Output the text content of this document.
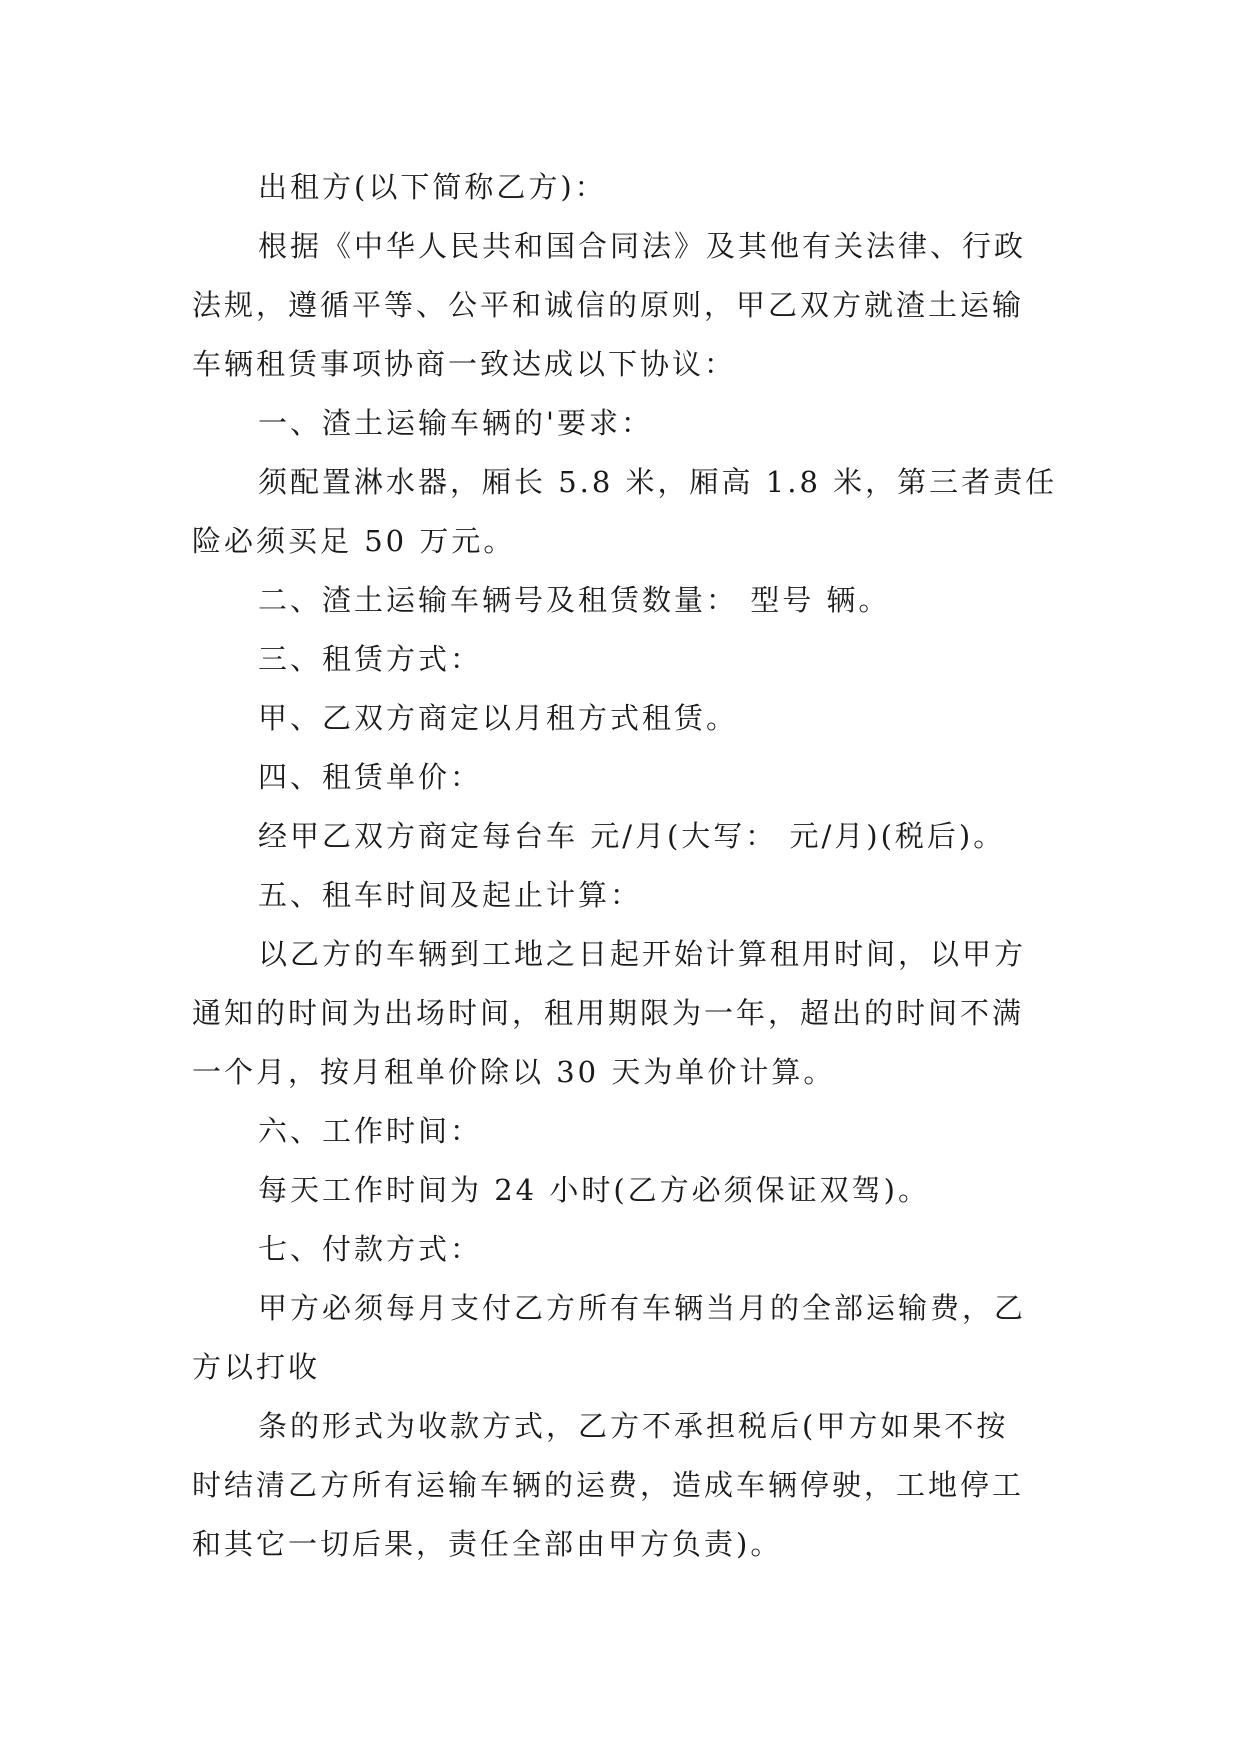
出租方(以下简称乙方)：
根据《中华人民共和国合同法》及其他有关法律、行政
法规，遵循平等、公平和诚信的原则，甲乙双方就渣土运输
车辆租赁事项协商一致达成以下协议：
一、渣土运输车辆的'要求：
须配置淋水器，厢长 5.8 米，厢高 1.8 米，第三者责任
险必须买足 50 万元。
二、渣土运输车辆号及租赁数量： 型号 辆。
三、租赁方式：
甲、乙双方商定以月租方式租赁。
四、租赁单价：
经甲乙双方商定每台车 元/月(大写： 元/月)(税后)。
五、租车时间及起止计算：
以乙方的车辆到工地之日起开始计算租用时间，以甲方
通知的时间为出场时间，租用期限为一年，超出的时间不满
一个月，按月租单价除以 30 天为单价计算。
六、工作时间：
每天工作时间为 24 小时(乙方必须保证双驾)。
七、付款方式：
甲方必须每月支付乙方所有车辆当月的全部运输费，乙
方以打收
条的形式为收款方式，乙方不承担税后(甲方如果不按
时结清乙方所有运输车辆的运费，造成车辆停驶，工地停工
和其它一切后果，责任全部由甲方负责)。
